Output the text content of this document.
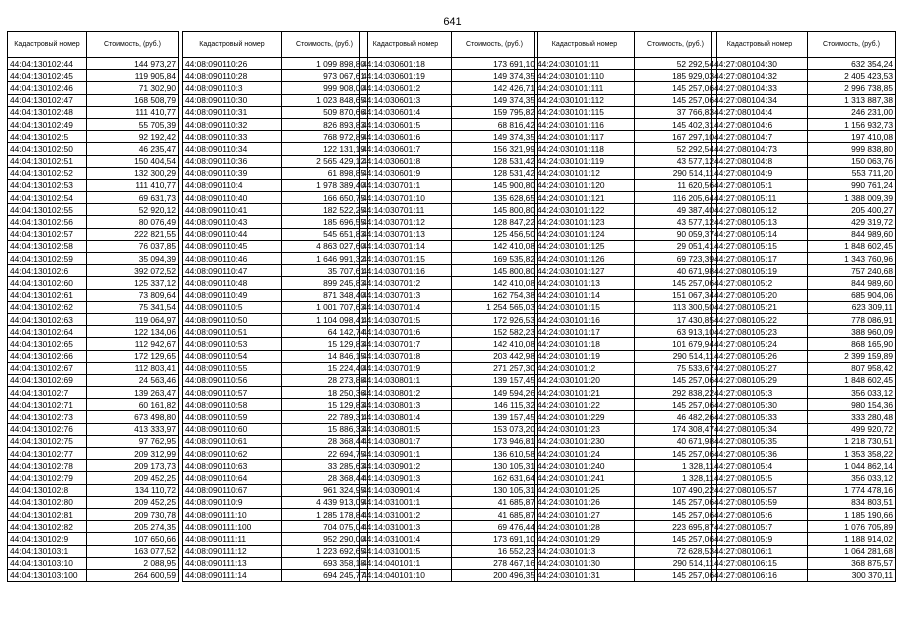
641
Кадастровый номер	Стоимость, (руб.)
44:04:130102:44	144 973,27
44:04:130102:45	119 905,84
44:04:130102:46	71 302,90
44:04:130102:47	168 508,79
44:04:130102:48	111 410,77
44:04:130102:49	55 705,39
44:04:130102:5	92 192,42
44:04:130102:50	46 235,47
44:04:130102:51	150 404,54
44:04:130102:52	132 300,29
44:04:130102:53	111 410,77
44:04:130102:54	69 631,73
44:04:130102:55	52 920,12
44:04:130102:56	80 076,49
44:04:130102:57	222 821,55
44:04:130102:58	76 037,85
44:04:130102:59	35 094,39
44:04:130102:6	392 072,52
44:04:130102:60	125 337,12
44:04:130102:61	73 809,64
44:04:130102:62	75 341,54
44:04:130102:63	119 064,97
44:04:130102:64	122 134,06
44:04:130102:65	112 942,67
44:04:130102:66	172 129,65
44:04:130102:67	112 803,41
44:04:130102:69	24 563,46
44:04:130102:7	139 263,47
44:04:130102:71	60 161,82
44:04:130102:73	673 498,80
44:04:130102:76	413 333,97
44:04:130102:75	97 762,95
44:04:130102:77	209 312,99
44:04:130102:78	209 173,73
44:04:130102:79	209 452,25
44:04:130102:8	134 110,72
44:04:130102:80	209 452,25
44:04:130102:81	209 730,78
44:04:130102:82	205 274,35
44:04:130102:9	107 650,66
44:04:130103:1	163 077,52
44:04:130103:10	2 088,95
44:04:130103:100	264 600,59
Кадастровый номер	Стоимость, (руб.)
44:08:090110:26	1 099 898,80
44:08:090110:28	973 067,61
44:08:090110:3	999 908,00
44:08:090110:30	1 023 848,65
44:08:090110:31	509 870,66
44:08:090110:32	826 893,83
44:08:090110:33	768 972,89
44:08:090110:34	122 131,19
44:08:090110:36	2 565 429,12
44:08:090110:39	61 898,85
44:08:090110:4	1 978 389,40
44:08:090110:40	166 650,75
44:08:090110:41	182 522,25
44:08:090110:43	185 696,55
44:08:090110:44	545 651,83
44:08:090110:45	4 863 027,60
44:08:090110:46	1 646 991,32
44:08:090110:47	35 707,61
44:08:090110:48	899 245,83
44:08:090110:49	871 348,40
44:08:090110:5	1 001 707,63
44:08:090110:50	1 104 098,41
44:08:090110:51	64 142,74
44:08:090110:53	15 129,83
44:08:090110:54	14 846,15
44:08:090110:55	15 224,40
44:08:090110:56	28 273,88
44:08:090110:57	18 250,36
44:08:090110:58	15 129,83
44:08:090110:59	22 789,31
44:08:090110:60	15 886,33
44:08:090110:61	28 368,44
44:08:090110:62	22 694,75
44:08:090110:63	33 285,63
44:08:090110:64	28 368,44
44:08:090110:67	961 324,95
44:08:090110:9	4 439 913,09
44:08:090111:10	1 285 178,84
44:08:090111:100	704 075,04
44:08:090111:11	952 290,00
44:08:090111:12	1 223 692,65
44:08:090111:13	693 358,18
44:08:090111:14	694 245,77
Кадастровый номер	Стоимость, (руб.)
44:14:030601:18	173 691,10
44:14:030601:19	149 374,35
44:14:030601:2	142 426,71
44:14:030601:3	149 374,35
44:14:030601:4	159 795,82
44:14:030601:5	68 816,42
44:14:030601:6	149 374,35
44:14:030601:7	156 321,99
44:14:030601:8	128 531,42
44:14:030601:9	128 531,42
44:14:030701:1	145 900,80
44:14:030701:10	135 628,65
44:14:030701:11	145 800,80
44:14:030701:12	128 847,22
44:14:030701:13	125 456,50
44:14:030701:14	142 410,08
44:14:030701:15	169 535,82
44:14:030701:16	145 800,80
44:14:030701:2	142 410,08
44:14:030701:3	162 754,38
44:14:030701:4	1 254 565,03
44:14:030701:5	172 926,53
44:14:030701:6	152 582,23
44:14:030701:7	142 410,08
44:14:030701:8	203 442,98
44:14:030701:9	271 257,30
44:14:030801:1	139 157,45
44:14:030801:2	149 594,26
44:14:030801:3	146 115,32
44:14:030801:4	139 157,45
44:14:030801:5	153 073,20
44:14:030801:7	173 946,81
44:14:030901:1	136 610,58
44:14:030901:2	130 105,31
44:14:030901:3	162 631,64
44:14:030901:4	130 105,31
44:14:031001:1	41 685,87
44:14:031001:2	41 685,87
44:14:031001:3	69 476,44
44:14:031001:4	173 691,10
44:14:031001:5	16 552,23
44:14:040101:1	278 467,16
44:14:040101:10	200 496,35
Кадастровый номер	Стоимость, (руб.)
44:24:030101:11	52 292,54
44:24:030101:110	185 929,03
44:24:030101:111	145 257,06
44:24:030101:112	145 257,06
44:24:030101:115	37 766,83
44:24:030101:116	145 402,31
44:24:030101:117	167 297,10
44:24:030101:118	52 292,54
44:24:030101:119	43 577,12
44:24:030101:12	290 514,11
44:24:030101:120	11 620,56
44:24:030101:121	116 205,64
44:24:030101:122	49 387,40
44:24:030101:123	43 577,12
44:24:030101:124	90 059,37
44:24:030101:125	29 051,41
44:24:030101:126	69 723,39
44:24:030101:127	40 671,98
44:24:030101:13	145 257,06
44:24:030101:14	151 067,34
44:24:030101:15	113 300,50
44:24:030101:16	17 430,85
44:24:030101:17	63 913,10
44:24:030101:18	101 679,94
44:24:030101:19	290 514,11
44:24:030101:2	75 533,67
44:24:030101:20	145 257,06
44:24:030101:21	292 838,22
44:24:030101:22	145 257,06
44:24:030101:229	46 482,26
44:24:030101:23	174 308,47
44:24:030101:230	40 671,98
44:24:030101:24	145 257,06
44:24:030101:240	1 328,11
44:24:030101:241	1 328,11
44:24:030101:25	107 490,22
44:24:030101:26	145 257,06
44:24:030101:27	145 257,06
44:24:030101:28	223 695,87
44:24:030101:29	145 257,06
44:24:030101:3	72 628,53
44:24:030101:30	290 514,11
44:24:030101:31	145 257,06
Кадастровый номер	Стоимость, (руб.)
44:27:080104:30	632 354,24
44:27:080104:32	2 405 423,53
44:27:080104:33	2 996 738,85
44:27:080104:34	1 313 887,38
44:27:080104:4	246 231,00
44:27:080104:6	1 156 932,73
44:27:080104:7	197 410,08
44:27:080104:73	999 838,80
44:27:080104:8	150 063,76
44:27:080104:9	553 711,20
44:27:080105:1	990 761,24
44:27:080105:11	1 388 009,39
44:27:080105:12	205 400,27
44:27:080105:13	429 319,72
44:27:080105:14	844 989,60
44:27:080105:15	1 848 602,45
44:27:080105:17	1 343 760,96
44:27:080105:19	757 240,68
44:27:080105:2	844 989,60
44:27:080105:20	685 904,06
44:27:080105:21	623 309,11
44:27:080105:22	778 086,91
44:27:080105:23	388 960,09
44:27:080105:24	868 165,90
44:27:080105:26	2 399 159,89
44:27:080105:27	807 958,42
44:27:080105:29	1 848 602,45
44:27:080105:3	356 033,12
44:27:080105:30	980 154,36
44:27:080105:33	333 280,48
44:27:080105:34	499 920,72
44:27:080105:35	1 218 730,51
44:27:080105:36	1 353 358,22
44:27:080105:4	1 044 862,14
44:27:080105:5	356 033,12
44:27:080105:57	1 774 478,16
44:27:080105:59	834 803,51
44:27:080105:6	1 185 190,66
44:27:080105:7	1 076 705,89
44:27:080105:9	1 188 914,02
44:27:080106:1	1 064 281,68
44:27:080106:15	368 875,57
44:27:080106:16	300 370,11
